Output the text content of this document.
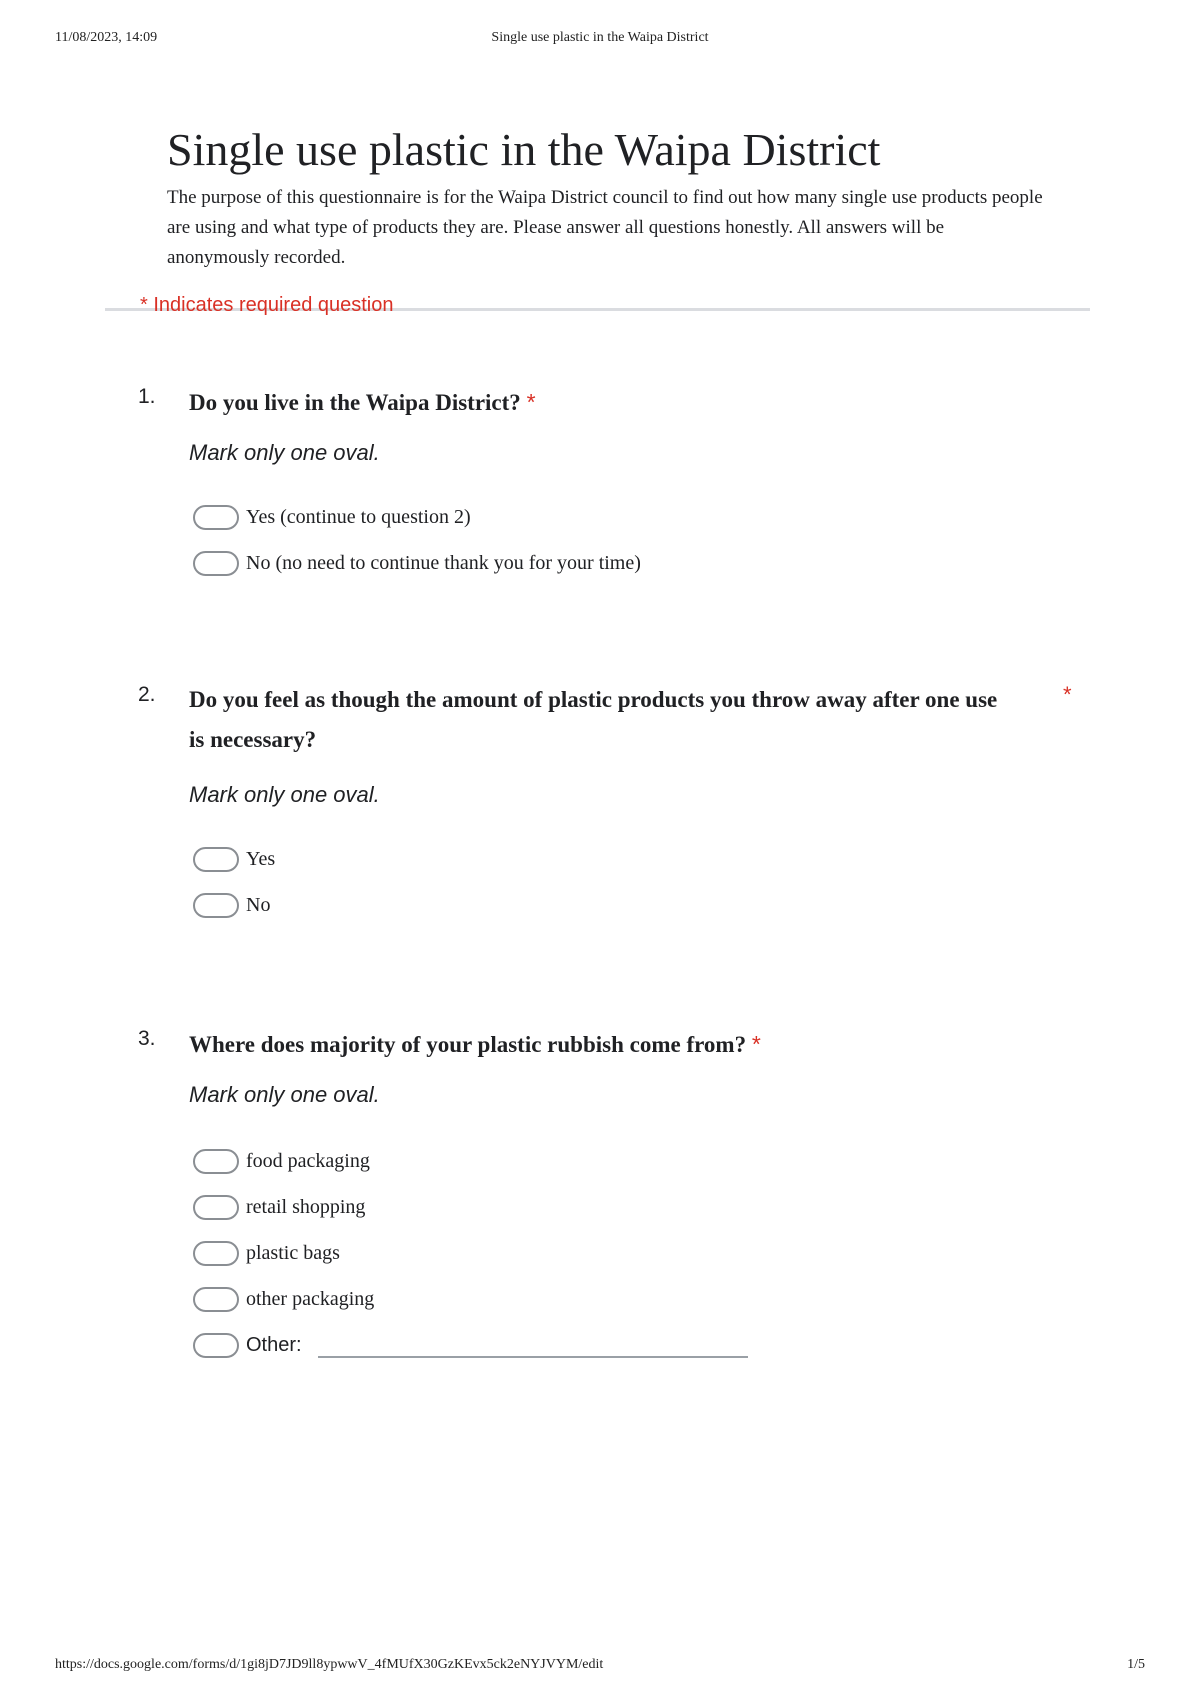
Single use plastic in the Waipa District
11/08/2023, 14:09
Single use plastic in the Waipa District

The purpose of this questionnaire is for the Waipa District council to find out how many single use products people are using and what type of products they are. Please answer all questions honestly. All answers will be anonymously recorded.

* Indicates required question
1. Do you live in the Waipa District? *
Mark only one oval.
Yes (continue to question 2)
No (no need to continue thank you for your time)
2. Do you feel as though the amount of plastic products you throw away after one use is necessary?
*
Mark only one oval.
Yes
No
3. Where does majority of your plastic rubbish come from? *
Mark only one oval.
food packaging
retail shopping
plastic bags
other packaging
Other:
https://docs.google.com/forms/d/1gi8jD7JD9ll8ypwwV_4fMUfX30GzKEvx5ck2eNYJVYM/edit	1/5
